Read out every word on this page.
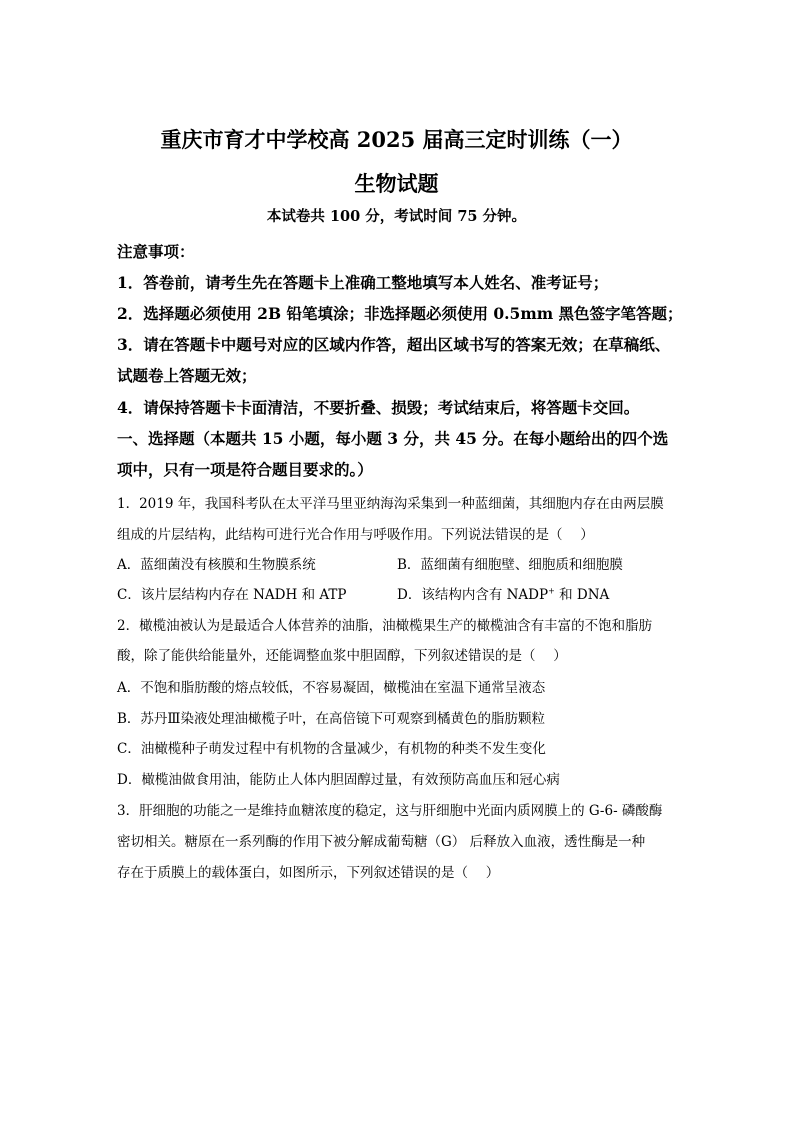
重庆市育才中学校高 2025 届高三定时训练（一）
生物试题
本试卷共 100 分，考试时间 75 分钟。
注意事项：
1．答卷前，请考生先在答题卡上准确工整地填写本人姓名、准考证号；
2．选择题必须使用 2B 铅笔填涂；非选择题必须使用 0.5mm 黑色签字笔答题；
3．请在答题卡中题号对应的区域内作答，超出区域书写的答案无效；在草稿纸、
试题卷上答题无效；
4．请保持答题卡卡面清洁，不要折叠、损毁；考试结束后，将答题卡交回。
一、选择题（本题共 15 小题，每小题 3 分，共 45 分。在每小题给出的四个选
项中，只有一项是符合题目要求的。）
1．2019 年，我国科考队在太平洋马里亚纳海沟采集到一种蓝细菌，其细胞内存在由两层膜
组成的片层结构，此结构可进行光合作用与呼吸作用。下列说法错误的是（　 ）
A．蓝细菌没有核膜和生物膜系统	B．蓝细菌有细胞壁、细胞质和细胞膜
C．该片层结构内存在 NADH 和 ATP	D．该结构内含有 NADP+ 和 DNA
2．橄榄油被认为是最适合人体营养的油脂，油橄榄果生产的橄榄油含有丰富的不饱和脂肪
酸，除了能供给能量外，还能调整血浆中胆固醇，下列叙述错误的是（　 ）
A．不饱和脂肪酸的熔点较低，不容易凝固，橄榄油在室温下通常呈液态
B．苏丹Ⅲ染液处理油橄榄子叶，在高倍镜下可观察到橘黄色的脂肪颗粒
C．油橄榄种子萌发过程中有机物的含量减少，有机物的种类不发生变化
D．橄榄油做食用油，能防止人体内胆固醇过量，有效预防高血压和冠心病
3．肝细胞的功能之一是维持血糖浓度的稳定，这与肝细胞中光面内质网膜上的 G-6- 磷酸酶
密切相关。糖原在一系列酶的作用下被分解成葡萄糖（G） 后释放入血液，透性酶是一种
存在于质膜上的载体蛋白，如图所示，下列叙述错误的是（　 ）
